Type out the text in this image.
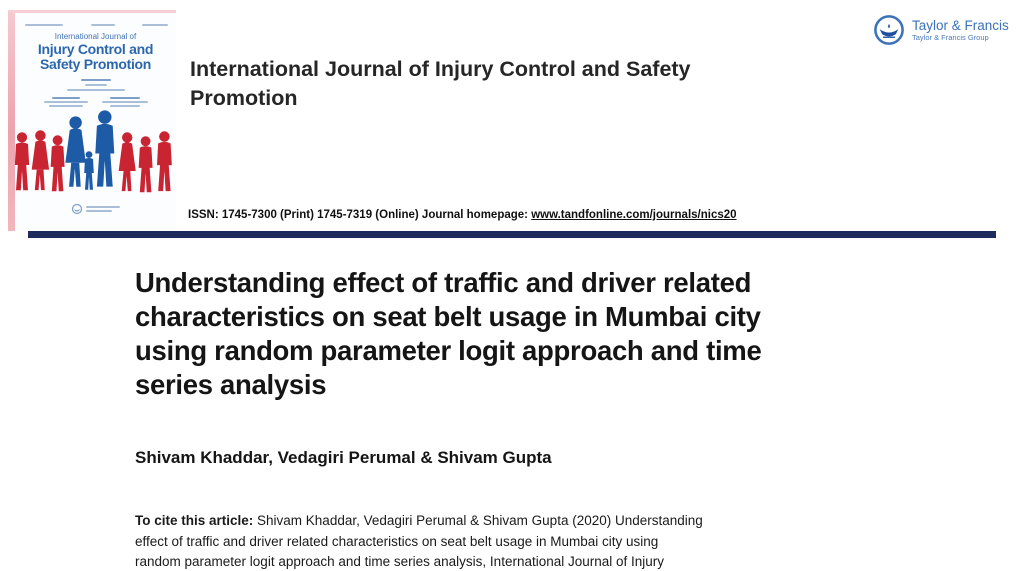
International Journal of
Injury Control and
Safety Promotion	International Journal of Injury Control and Safety
Promotion
ISSN: 1745-7300 (Print) 1745-7319 (Online) Journal homepage: www.tandfonline.com/journals/nics20
Taylor & Francis
Taylor & Francis Group
Understanding effect of traffic and driver related
characteristics on seat belt usage in Mumbai city
using random parameter logit approach and time
series analysis
Shivam Khaddar, Vedagiri Perumal & Shivam Gupta
To cite this article: Shivam Khaddar, Vedagiri Perumal & Shivam Gupta (2020) Understanding
effect of traffic and driver related characteristics on seat belt usage in Mumbai city using
random parameter logit approach and time series analysis, International Journal of Injury
